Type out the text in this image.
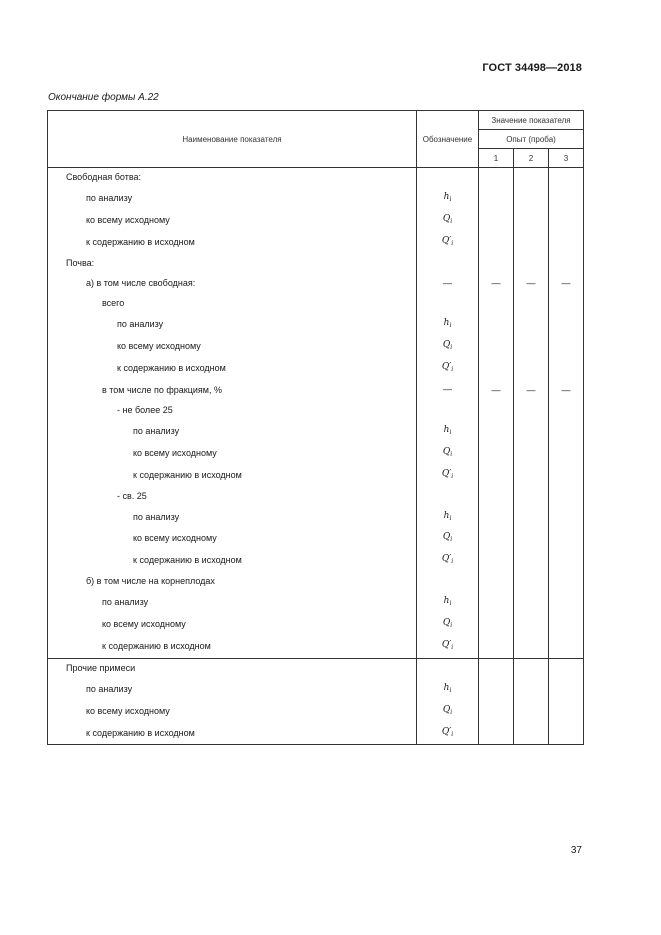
ГОСТ 34498—2018
Окончание формы А.22
Наименование показателя	Обозначение	Значение показателя		
		Опыт (проба)		
		1	2	3
Свободная ботва:				
по анализу	$h_i$			
ко всему исходному	$Q_i$			
к содержанию в исходном	$Q'_i$			
Почва:				
а) в том числе свободная:	—	—	—	—
всего				
по анализу	$h_i$			
ко всему исходному	$Q_i$			
к содержанию в исходном	$Q'_i$			
в том числе по фракциям, %	—	—	—	—
- не более 25				
по анализу	$h_i$			
ко всему исходному	$Q_i$			
к содержанию в исходном	$Q'_i$			
- св. 25				
по анализу	$h_i$			
ко всему исходному	$Q_i$			
к содержанию в исходном	$Q'_i$			
б) в том числе на корнеплодах				
по анализу	$h_i$			
ко всему исходному	$Q_i$			
к содержанию в исходном	$Q'_i$			
Прочие примеси				
по анализу	$h_i$			
ко всему исходному	$Q_i$			
к содержанию в исходном	$Q'_i$			
37
